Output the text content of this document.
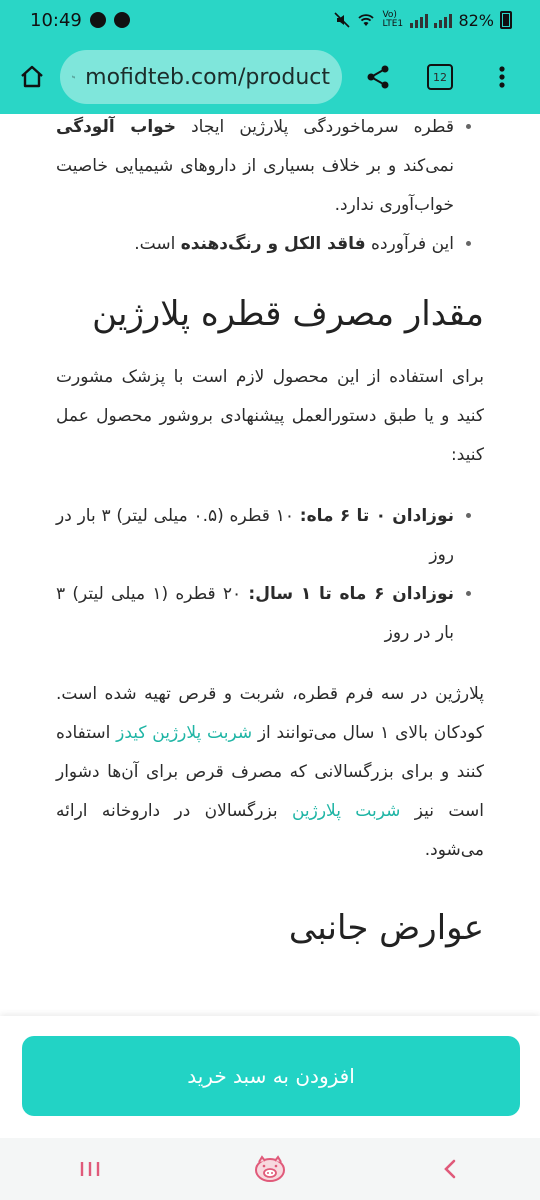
10:49	Vo) LTE1	82%
mofidteb.com/product	12
• قطره سرماخوردگی پلارژین ایجاد خواب آلودگی نمی‌کند و بر خلاف بسیاری از داروهای شیمیایی خاصیت خواب‌آوری ندارد.
• این فرآورده فاقد الکل و رنگ‌دهنده است.
مقدار مصرف قطره پلارژین

برای استفاده از این محصول لازم است با پزشک مشورت کنید و یا طبق دستورالعمل پیشنهادی بروشور محصول عمل کنید:

• نوزادان ۰ تا ۶ ماه: ۱۰ قطره (۰.۵ میلی لیتر) ۳ بار در روز
• نوزادان ۶ ماه تا ۱ سال: ۲۰ قطره (۱ میلی لیتر) ۳ بار در روز

پلارژین در سه فرم قطره، شربت و قرص تهیه شده است. کودکان بالای ۱ سال می‌توانند از شربت پلارژین کیدز استفاده کنند و برای بزرگسالانی که مصرف قرص برای آن‌ها دشوار است نیز شربت پلارژین بزرگسالان در داروخانه ارائه می‌شود.

عوارض جانبی
افزودن به سبد خرید
